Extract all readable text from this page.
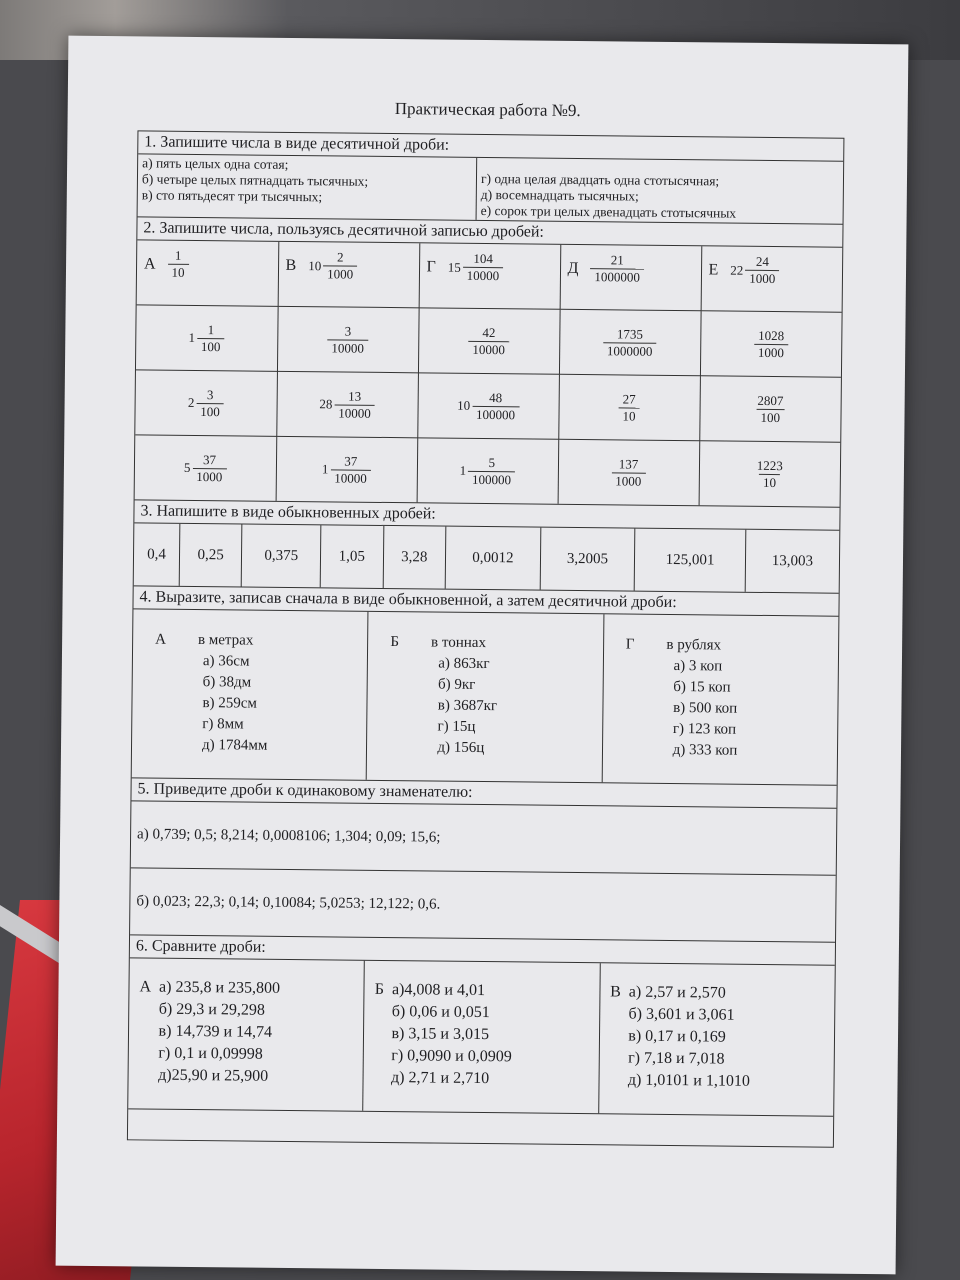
Практическая работа №9.
1. Запишите числа в виде десятичной дроби:
а) пять целых одна сотая;
б) четыре целых пятнадцать тысячных;
в) сто пятьдесят три тысячных;
г) одна целая двадцать одна стотысячная;
д) восемнадцать тысячных;
е) сорок три целых двенадцать стотысячных
2. Запишите числа, пользуясь десятичной записью дробей:
А $\frac{1}{10}$	В $10 \frac{2}{1000}$	Г $15 \frac{104}{10000}$	Д $\frac{21}{1000000}$	Е $22 \frac{24}{1000}$

$1 \frac{1}{100}$	$\frac{3}{10000}$	$\frac{42}{10000}$	$\frac{1735}{1000000}$	$\frac{1028}{1000}$

$2 \frac{3}{100}$	$28 \frac{13}{10000}$	$10 \frac{48}{100000}$	$\frac{27}{10}$	$\frac{2807}{100}$

$5 \frac{37}{1000}$	$1 \frac{37}{10000}$	$1 \frac{5}{100000}$	$\frac{137}{1000}$	$\frac{1223}{10}$
3. Напишите в виде обыкновенных дробей:
0,4	0,25	0,375	1,05	3,28	0,0012	3,2005	125,001	13,003
4. Выразите, записав сначала в виде обыкновенной, а затем десятичной дроби:
А в метрах
а) 36см
б) 38дм
в) 259см
г) 8мм
д) 1784мм
Б в тоннах
а) 863кг
б) 9кг
в) 3687кг
г) 15ц
д) 156ц
Г в рублях
а) 3 коп
б) 15 коп
в) 500 коп
г) 123 коп
д) 333 коп
5. Приведите дроби к одинаковому знаменателю:
а) 0,739; 0,5; 8,214; 0,0008106; 1,304; 0,09; 15,6;
б) 0,023; 22,3; 0,14; 0,10084; 5,0253; 12,122; 0,6.
6. Сравните дроби:
А а) 235,8 и 235,800
б) 29,3 и 29,298
в) 14,739 и 14,74
г) 0,1 и 0,09998
д)25,90 и 25,900
Б а)4,008 и 4,01
б) 0,06 и 0,051
в) 3,15 и 3,015
г) 0,9090 и 0,0909
д) 2,71 и 2,710
В а) 2,57 и 2,570
б) 3,601 и 3,061
в) 0,17 и 0,169
г) 7,18 и 7,018
д) 1,0101 и 1,1010
